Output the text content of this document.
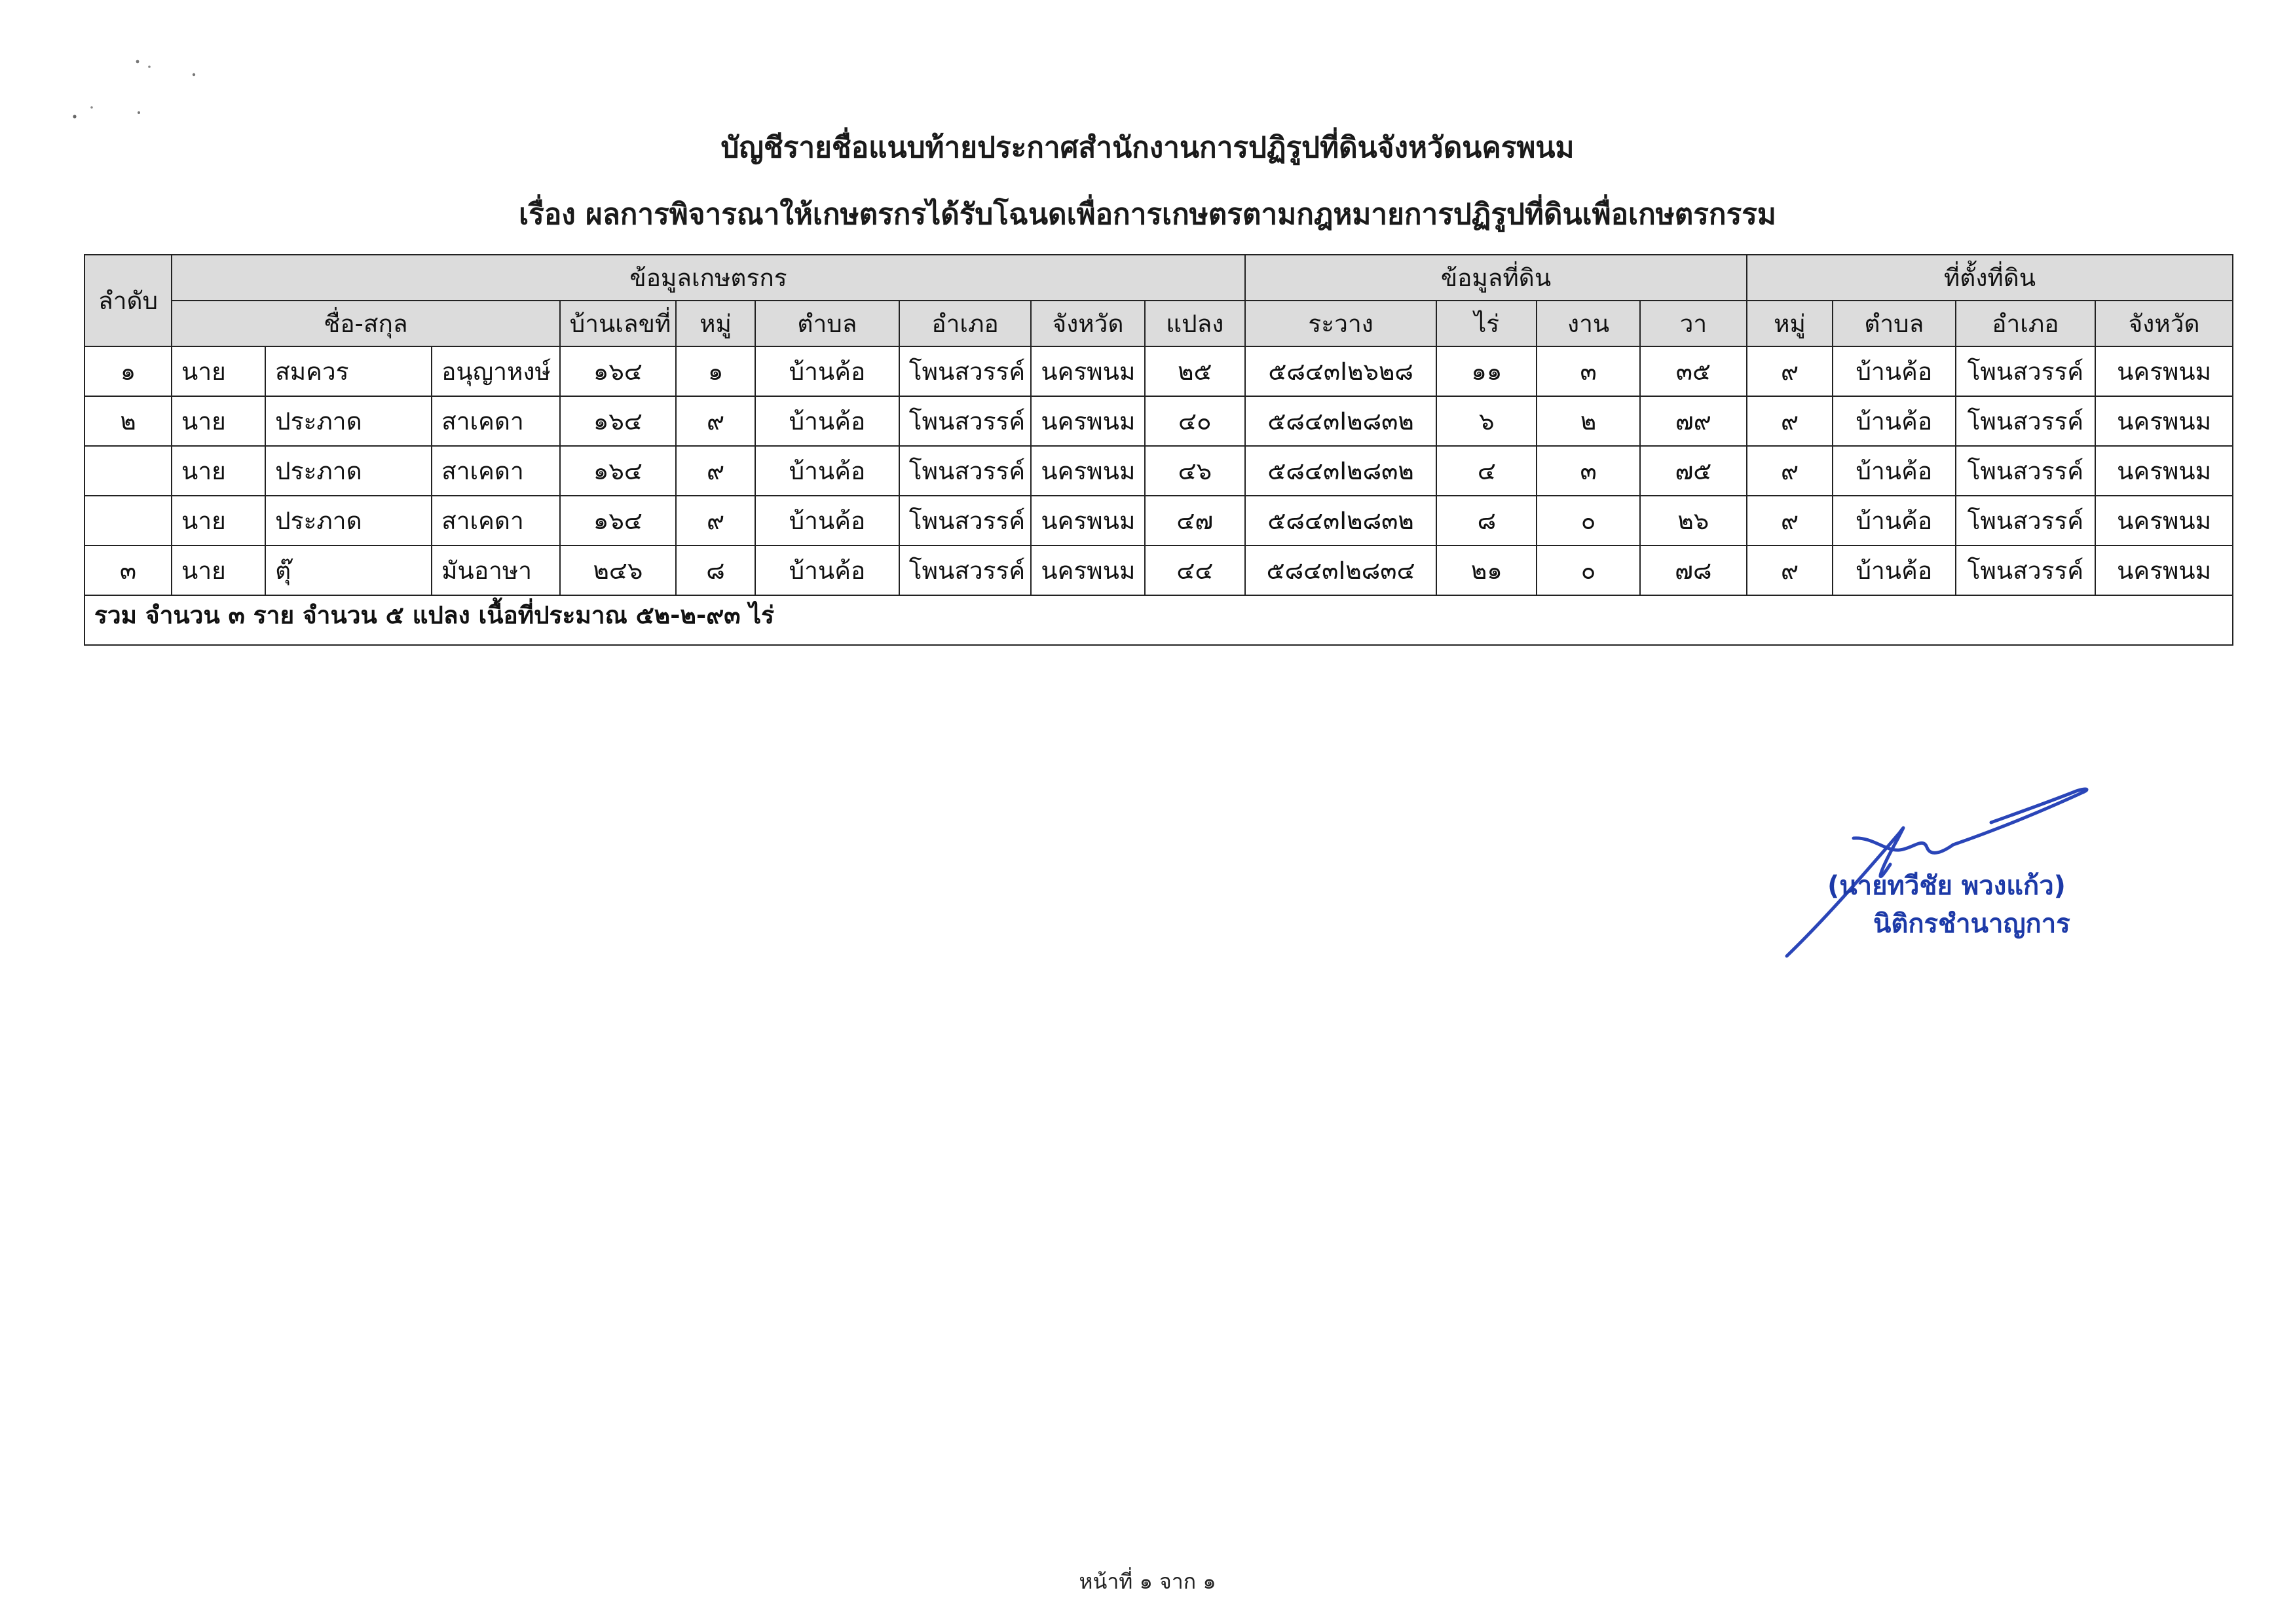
บัญชีรายชื่อแนบท้ายประกาศสำนักงานการปฏิรูปที่ดินจังหวัดนครพนม
เรื่อง ผลการพิจารณาให้เกษตรกรได้รับโฉนดเพื่อการเกษตรตามกฎหมายการปฏิรูปที่ดินเพื่อเกษตรกรรม
ลำดับ	ข้อมูลเกษตรกร									ข้อมูลที่ดิน				ที่ตั้งที่ดิน			
	ชื่อ-สกุล			บ้านเลขที่	หมู่	ตำบล	อำเภอ	จังหวัด	แปลง	ระวาง	ไร่	งาน	วา	หมู่	ตำบล	อำเภอ	จังหวัด
๑	นาย	สมควร	อนุญาหงษ์	๑๖๔	๑	บ้านค้อ	โพนสวรรค์	นครพนม	๒๕	๕๘๔๓I๒๖๒๘	๑๑	๓	๓๕	๙	บ้านค้อ	โพนสวรรค์	นครพนม
๒	นาย	ประภาด	สาเคดา	๑๖๔	๙	บ้านค้อ	โพนสวรรค์	นครพนม	๔๐	๕๘๔๓I๒๘๓๒	๖	๒	๗๙	๙	บ้านค้อ	โพนสวรรค์	นครพนม
	นาย	ประภาด	สาเคดา	๑๖๔	๙	บ้านค้อ	โพนสวรรค์	นครพนม	๔๖	๕๘๔๓I๒๘๓๒	๔	๓	๗๕	๙	บ้านค้อ	โพนสวรรค์	นครพนม
	นาย	ประภาด	สาเคดา	๑๖๔	๙	บ้านค้อ	โพนสวรรค์	นครพนม	๔๗	๕๘๔๓I๒๘๓๒	๘	๐	๒๖	๙	บ้านค้อ	โพนสวรรค์	นครพนม
๓	นาย	ตุ๊	มันอาษา	๒๔๖	๘	บ้านค้อ	โพนสวรรค์	นครพนม	๔๔	๕๘๔๓I๒๘๓๔	๒๑	๐	๗๘	๙	บ้านค้อ	โพนสวรรค์	นครพนม
รวม จำนวน ๓ ราย จำนวน ๕ แปลง เนื้อที่ประมาณ ๕๒-๒-๙๓ ไร่																	
(นายทวีชัย พวงแก้ว)
นิติกรชำนาญการ
หน้าที่ ๑ จาก ๑
